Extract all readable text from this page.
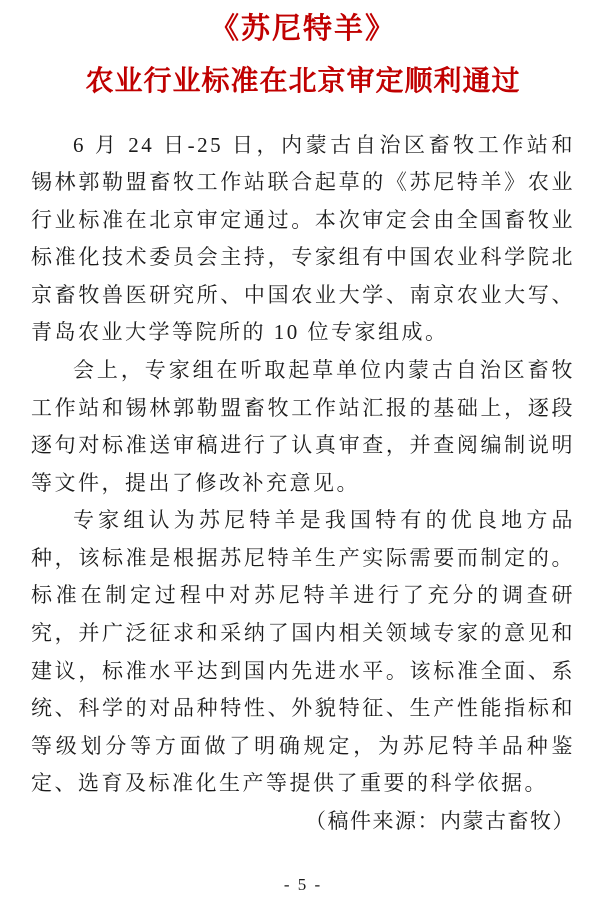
《苏尼特羊》
农业行业标准在北京审定顺利通过

6 月 24 日-25 日，内蒙古自治区畜牧工作站和锡林郭勒盟畜牧工作站联合起草的《苏尼特羊》农业行业标准在北京审定通过。本次审定会由全国畜牧业标准化技术委员会主持，专家组有中国农业科学院北京畜牧兽医研究所、中国农业大学、南京农业大写、青岛农业大学等院所的 10 位专家组成。

会上，专家组在听取起草单位内蒙古自治区畜牧工作站和锡林郭勒盟畜牧工作站汇报的基础上，逐段逐句对标准送审稿进行了认真审查，并查阅编制说明等文件，提出了修改补充意见。

专家组认为苏尼特羊是我国特有的优良地方品种，该标准是根据苏尼特羊生产实际需要而制定的。标准在制定过程中对苏尼特羊进行了充分的调查研究，并广泛征求和采纳了国内相关领域专家的意见和建议，标准水平达到国内先进水平。该标准全面、系统、科学的对品种特性、外貌特征、生产性能指标和等级划分等方面做了明确规定，为苏尼特羊品种鉴定、选育及标准化生产等提供了重要的科学依据。

（稿件来源：内蒙古畜牧）

- 5 -
